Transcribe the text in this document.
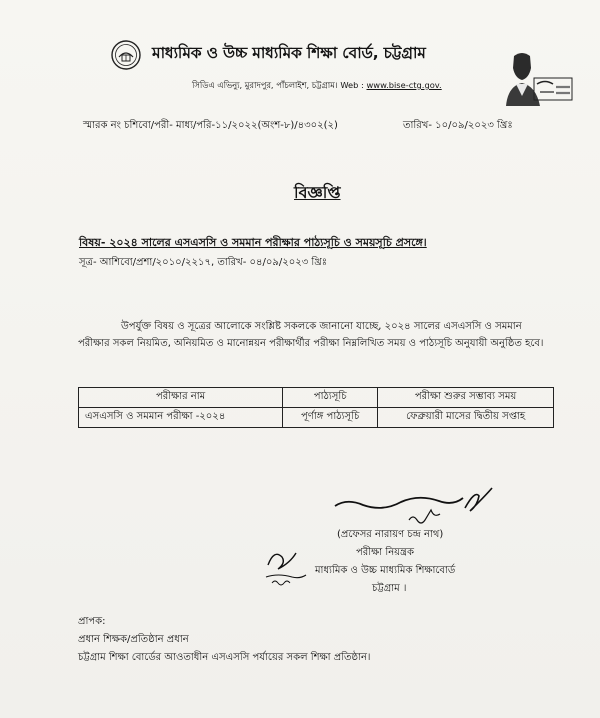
মাধ্যমিক ও উচ্চ মাধ্যমিক শিক্ষা বোর্ড, চট্টগ্রাম
সিডিএ এভিন্যু, মুরাদপুর, পাঁচলাইশ, চট্টগ্রাম। Web : www.bise-ctg.gov.
স্মারক নং চশিবো/পরী- মাধ্য/পরি-১১/২০২২(অংশ-৮)/৪৩০২(২)	তারিখ- ১০/০৯/২০২৩ খ্রিঃ
বিজ্ঞপ্তি
বিষয়- ২০২৪ সালের এসএসসি ও সমমান পরীক্ষার পাঠ্যসূচি ও সময়সূচি প্রসঙ্গে।
সূত্র- আশিবো/প্রশা/২০১০/২২১৭, তারিখ- ০৪/০৯/২০২৩ খ্রিঃ
উপর্যুক্ত বিষয় ও সূত্রের আলোকে সংশ্লিষ্ট সকলকে জানানো যাচ্ছে, ২০২৪ সালের এসএসসি ও সমমান পরীক্ষার সকল নিয়মিত, অনিয়মিত ও মানোন্নয়ন পরীক্ষার্থীর পরীক্ষা নিম্নলিখিত সময় ও পাঠ্যসূচি অনুযায়ী অনুষ্ঠিত হবে।
পরীক্ষার নাম	পাঠ্যসূচি	পরীক্ষা শুরুর সম্ভাব্য সময়
এসএসসি ও সমমান পরীক্ষা -২০২৪	পূর্ণাঙ্গ পাঠ্যসূচি	ফেব্রুয়ারী মাসের দ্বিতীয় সপ্তাহ
(প্রফেসর নারায়ণ চন্দ্র নাথ)
পরীক্ষা নিয়ন্ত্রক
মাধ্যমিক ও উচ্চ মাধ্যমিক শিক্ষাবোর্ড
চট্টগ্রাম ।
প্রাপক:
প্রধান শিক্ষক/প্রতিষ্ঠান প্রধান
চট্টগ্রাম শিক্ষা বোর্ডের আওতাধীন এসএসসি পর্যায়ের সকল শিক্ষা প্রতিষ্ঠান।
